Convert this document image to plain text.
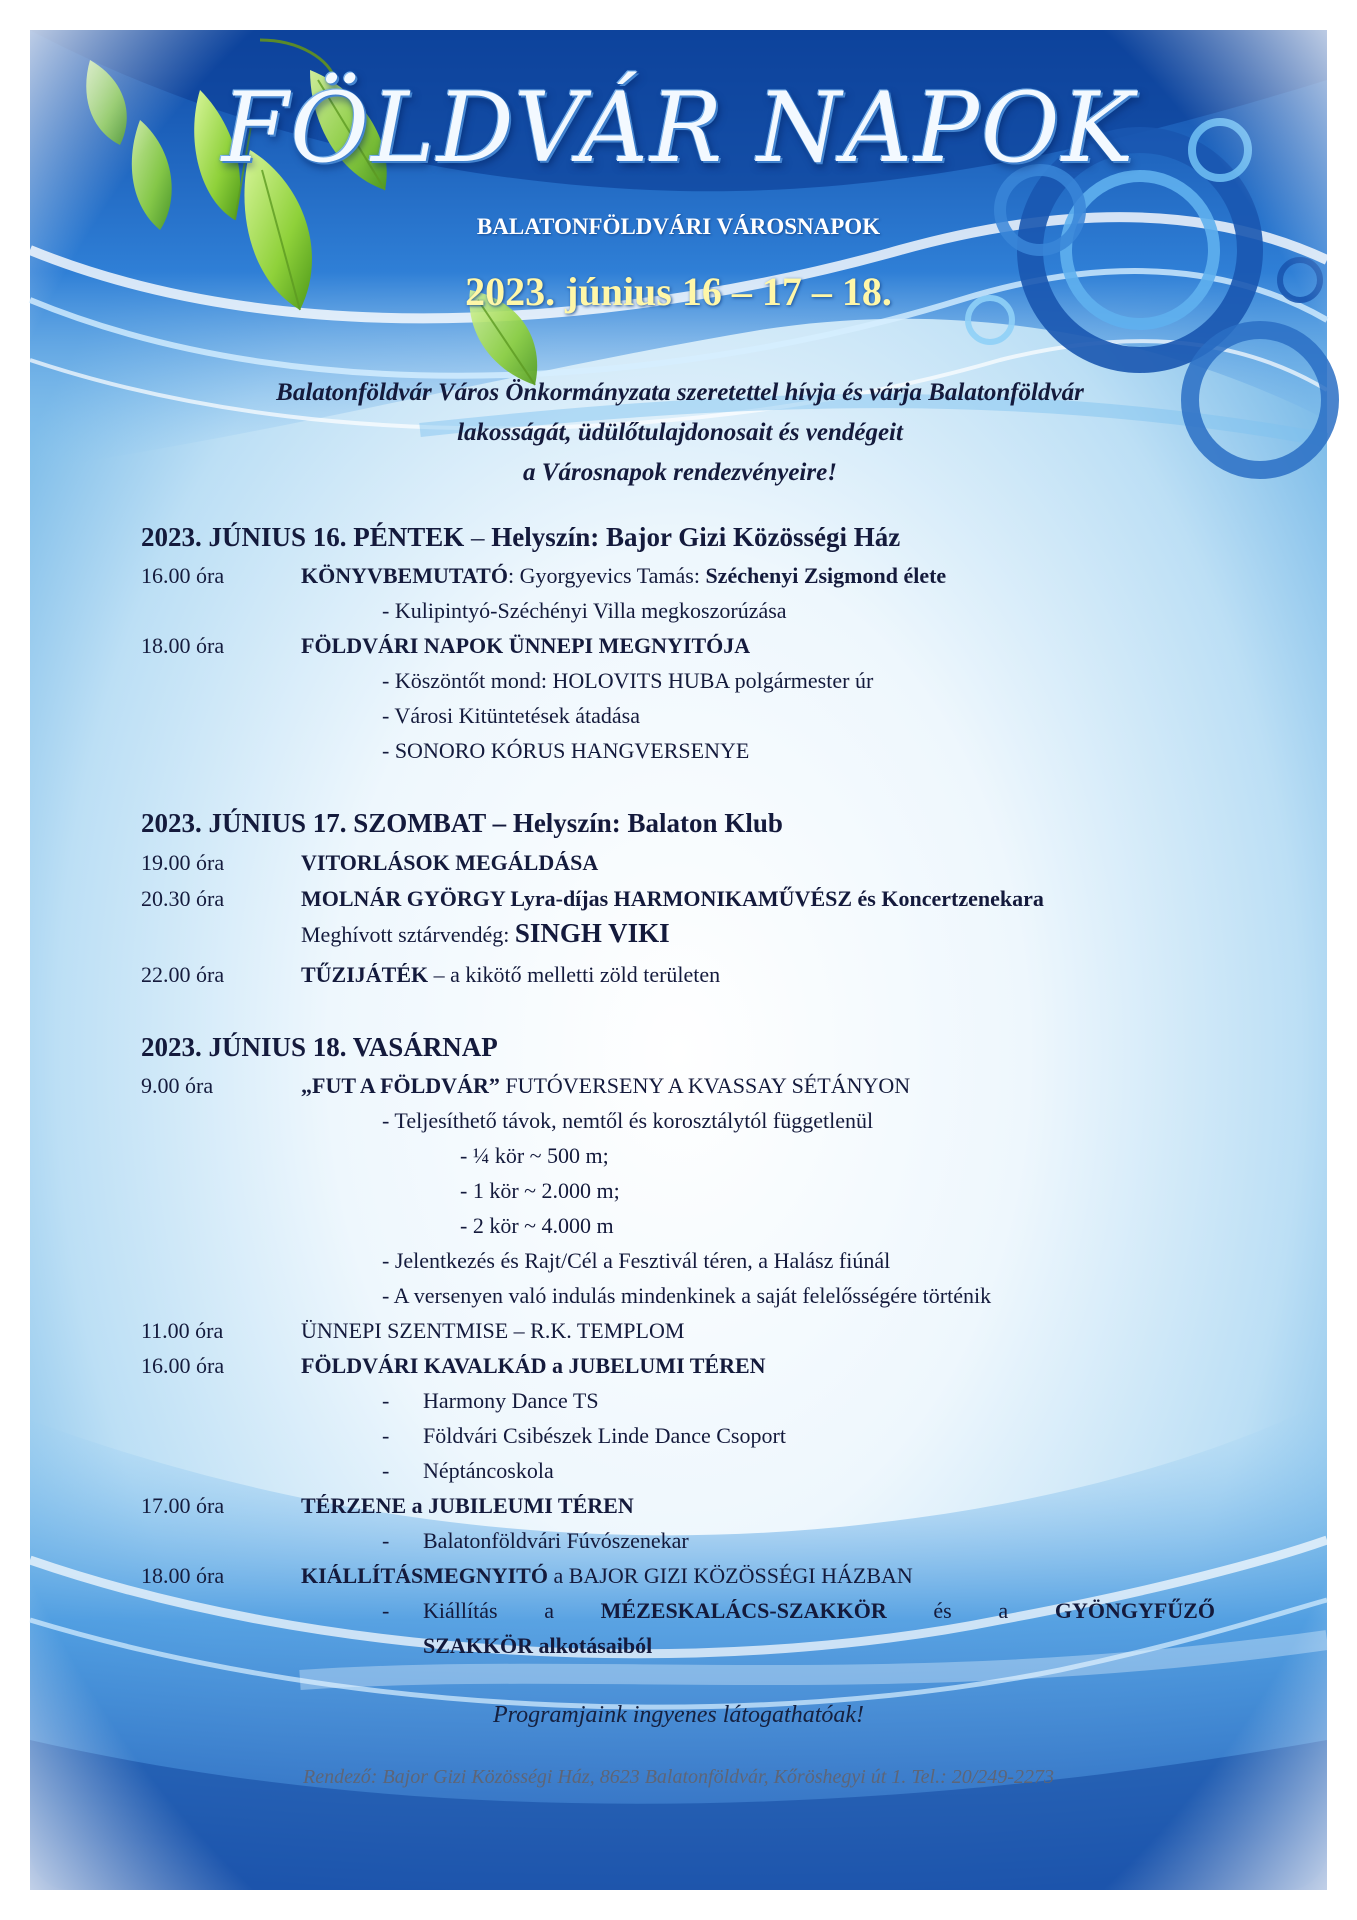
FÖLDVÁR NAPOK
BALATONFÖLDVÁRI VÁROSNAPOK
2023. június 16 – 17 – 18.
Balatonföldvár Város Önkormányzata szeretettel hívja és várja Balatonföldvár
lakosságát, üdülőtulajdonosait és vendégeit
a Városnapok rendezvényeire!
2023. JÚNIUS 16. PÉNTEK – Helyszín: Bajor Gizi Közösségi Ház
16.00 óra	KÖNYVBEMUTATÓ: Gyorgyevics Tamás: Széchenyi Zsigmond élete
- Kulipintyó-Széchényi Villa megkoszorúzása
18.00 óra	FÖLDVÁRI NAPOK ÜNNEPI MEGNYITÓJA
- Köszöntőt mond: HOLOVITS HUBA polgármester úr
- Városi Kitüntetések átadása
- SONORO KÓRUS HANGVERSENYE
2023. JÚNIUS 17. SZOMBAT – Helyszín: Balaton Klub
19.00 óra	VITORLÁSOK MEGÁLDÁSA
20.30 óra	MOLNÁR GYÖRGY Lyra-díjas HARMONIKAMŰVÉSZ és Koncertzenekara
Meghívott sztárvendég: SINGH VIKI
22.00 óra	TŰZIJÁTÉK – a kikötő melletti zöld területen
2023. JÚNIUS 18. VASÁRNAP
9.00 óra	„FUT A FÖLDVÁR” FUTÓVERSENY A KVASSAY SÉTÁNYON
- Teljesíthető távok, nemtől és korosztálytól függetlenül
- ¼ kör ~ 500 m;
- 1 kör ~ 2.000 m;
- 2 kör ~ 4.000 m
- Jelentkezés és Rajt/Cél a Fesztivál téren, a Halász fiúnál
- A versenyen való indulás mindenkinek a saját felelősségére történik
11.00 óra	ÜNNEPI SZENTMISE – R.K. TEMPLOM
16.00 óra	FÖLDVÁRI KAVALKÁD a JUBELUMI TÉREN
- Harmony Dance TS
- Földvári Csibészek Linde Dance Csoport
- Néptáncoskola
17.00 óra	TÉRZENE a JUBILEUMI TÉREN
- Balatonföldvári Fúvószenekar
18.00 óra	KIÁLLÍTÁSMEGNYITÓ a BAJOR GIZI KÖZÖSSÉGI HÁZBAN
- Kiállítás a MÉZESKALÁCS-SZAKKÖR és a GYÖNGYFŰZŐ
SZAKKÖR alkotásaiból
Programjaink ingyenes látogathatóak!
Rendező: Bajor Gizi Közösségi Ház, 8623 Balatonföldvár, Kőröshegyi út 1. Tel.: 20/249-2273
